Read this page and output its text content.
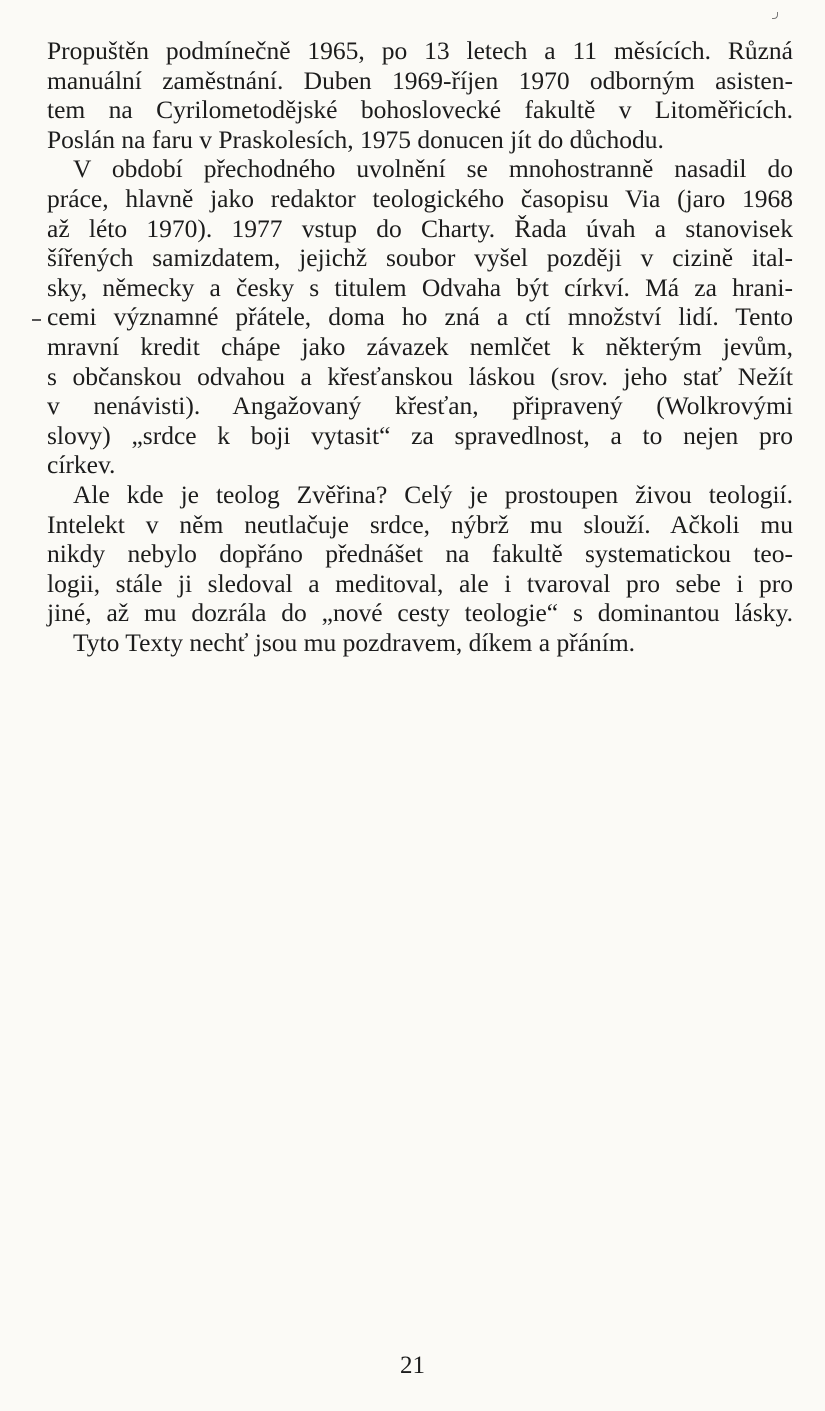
Propuštěn podmínečně 1965, po 13 letech a 11 měsících. Různá
manuální zaměstnání. Duben 1969-říjen 1970 odborným asisten-
tem na Cyrilometodějské bohoslovecké fakultě v Litoměřicích.
Poslán na faru v Praskolesích, 1975 donucen jít do důchodu.
V období přechodného uvolnění se mnohostranně nasadil do
práce, hlavně jako redaktor teologického časopisu Via (jaro 1968
až léto 1970). 1977 vstup do Charty. Řada úvah a stanovisek
šířených samizdatem, jejichž soubor vyšel později v cizině ital-
sky, německy a česky s titulem Odvaha být církví. Má za hrani-
cemi významné přátele, doma ho zná a ctí množství lidí. Tento
mravní kredit chápe jako závazek nemlčet k některým jevům,
s občanskou odvahou a křesťanskou láskou (srov. jeho stať Nežít
v nenávisti). Angažovaný křesťan, připravený (Wolkrovými
slovy) „srdce k boji vytasit“ za spravedlnost, a to nejen pro
církev.
Ale kde je teolog Zvěřina? Celý je prostoupen živou teologií.
Intelekt v něm neutlačuje srdce, nýbrž mu slouží. Ačkoli mu
nikdy nebylo dopřáno přednášet na fakultě systematickou teo-
logii, stále ji sledoval a meditoval, ale i tvaroval pro sebe i pro
jiné, až mu dozrála do „nové cesty teologie“ s dominantou lásky.
Tyto Texty nechť jsou mu pozdravem, díkem a přáním.
21
